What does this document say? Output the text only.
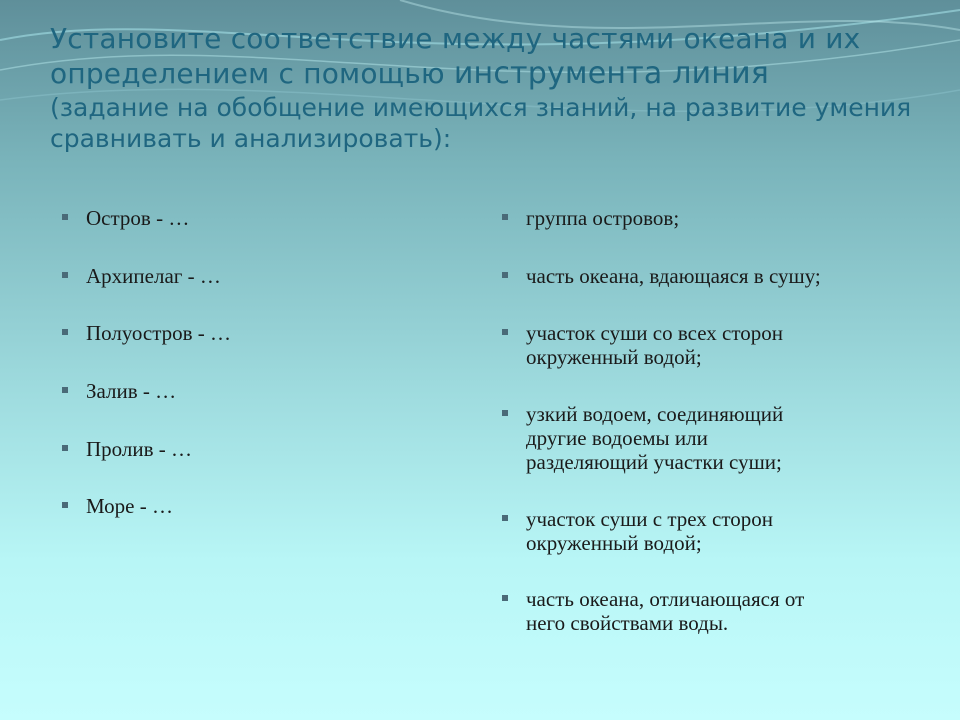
Установите соответствие между частями океана и их
определением с помощью инструмента линия
(задание на обобщение имеющихся знаний, на развитие умения сравнивать и анализировать):
Остров - …
Архипелаг - …
Полуостров - …
Залив - …
Пролив - …
Море - …
группа островов;
часть океана, вдающаяся в сушу;
участок суши со всех сторон
окруженный водой;
узкий водоем, соединяющий
другие водоемы или
разделяющий участки суши;
участок суши с трех сторон
окруженный водой;
часть океана, отличающаяся от
него свойствами воды.
